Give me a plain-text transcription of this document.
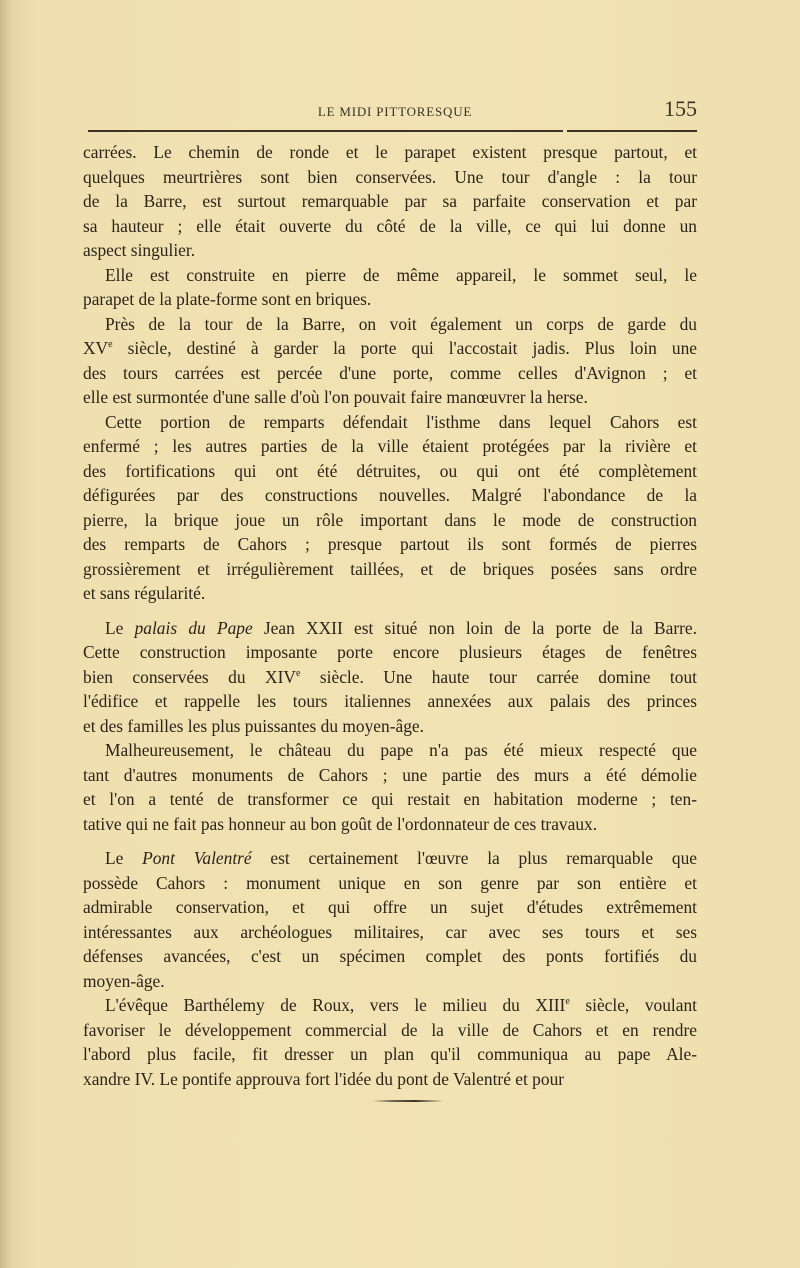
LE MIDI PITTORESQUE	155
carrées. Le chemin de ronde et le parapet existent presque partout, et
quelques meurtrières sont bien conservées. Une tour d'angle : la tour
de la Barre, est surtout remarquable par sa parfaite conservation et par
sa hauteur ; elle était ouverte du côté de la ville, ce qui lui donne un
aspect singulier.
Elle est construite en pierre de même appareil, le sommet seul, le
parapet de la plate-forme sont en briques.
Près de la tour de la Barre, on voit également un corps de garde du
XVe siècle, destiné à garder la porte qui l'accostait jadis. Plus loin une
des tours carrées est percée d'une porte, comme celles d'Avignon ; et
elle est surmontée d'une salle d'où l'on pouvait faire manœuvrer la herse.
Cette portion de remparts défendait l'isthme dans lequel Cahors est
enfermé ; les autres parties de la ville étaient protégées par la rivière et
des fortifications qui ont été détruites, ou qui ont été complètement
défigurées par des constructions nouvelles. Malgré l'abondance de la
pierre, la brique joue un rôle important dans le mode de construction
des remparts de Cahors ; presque partout ils sont formés de pierres
grossièrement et irrégulièrement taillées, et de briques posées sans ordre
et sans régularité.
Le palais du Pape Jean XXII est situé non loin de la porte de la Barre.
Cette construction imposante porte encore plusieurs étages de fenêtres
bien conservées du XIVe siècle. Une haute tour carrée domine tout
l'édifice et rappelle les tours italiennes annexées aux palais des princes
et des familles les plus puissantes du moyen-âge.
Malheureusement, le château du pape n'a pas été mieux respecté que
tant d'autres monuments de Cahors ; une partie des murs a été démolie
et l'on a tenté de transformer ce qui restait en habitation moderne ; ten-
tative qui ne fait pas honneur au bon goût de l'ordonnateur de ces travaux.
Le Pont Valentré est certainement l'œuvre la plus remarquable que
possède Cahors : monument unique en son genre par son entière et
admirable conservation, et qui offre un sujet d'études extrêmement
intéressantes aux archéologues militaires, car avec ses tours et ses
défenses avancées, c'est un spécimen complet des ponts fortifiés du
moyen-âge.
L'évêque Barthélemy de Roux, vers le milieu du XIIIe siècle, voulant
favoriser le développement commercial de la ville de Cahors et en rendre
l'abord plus facile, fit dresser un plan qu'il communiqua au pape Ale-
xandre IV. Le pontife approuva fort l'idée du pont de Valentré et pour
